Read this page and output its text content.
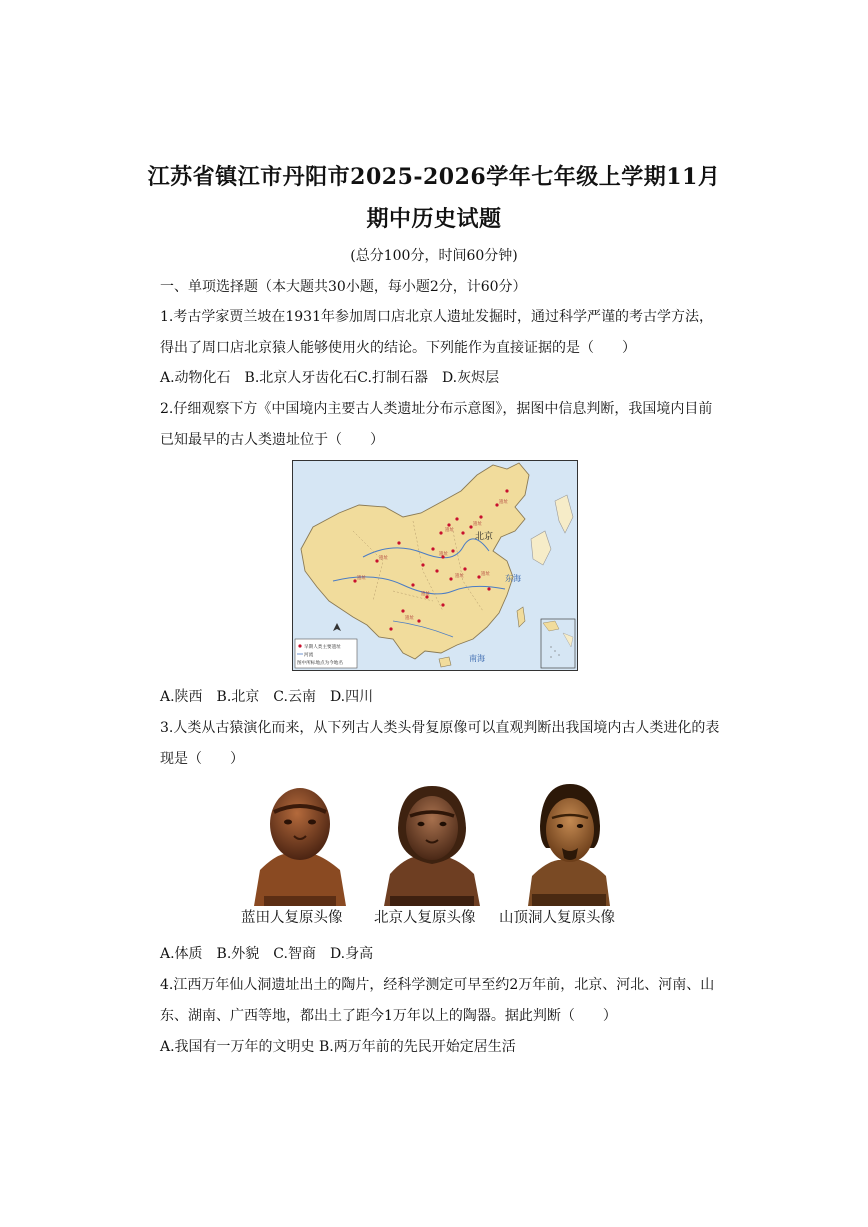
江苏省镇江市丹阳市2025-2026学年七年级上学期11月
期中历史试题
(总分100分，时间60分钟)
一、单项选择题（本大题共30小题，每小题2分，计60分）
1.考古学家贾兰坡在1931年参加周口店北京人遗址发掘时，通过科学严谨的考古学方法，
得出了周口店北京猿人能够使用火的结论。下列能作为直接证据的是（　　）
A.动物化石　B.北京人牙齿化石C.打制石器　D.灰烬层
2.仔细观察下方《中国境内主要古人类遗址分布示意图》，据图中信息判断，我国境内目前
已知最早的古人类遗址位于（　　）
遗址
遗址
遗址
遗址	遗址
遗址
遗址
遗址
遗址
遗址
北京
东海
南海
早期人类主要遗址
河流
图中所标地点为今地名
A.陕西　B.北京　C.云南　D.四川
3.人类从古猿演化而来，从下列古人类头骨复原像可以直观判断出我国境内古人类进化的表
现是（　　）
蓝田人复原头像 北京人复原头像 山顶洞人复原头像
A.体质　B.外貌　C.智商　D.身高
4.江西万年仙人洞遗址出土的陶片，经科学测定可早至约2万年前，北京、河北、河南、山
东、湖南、广西等地，都出土了距今1万年以上的陶器。据此判断（　　）
A.我国有一万年的文明史 B.两万年前的先民开始定居生活
